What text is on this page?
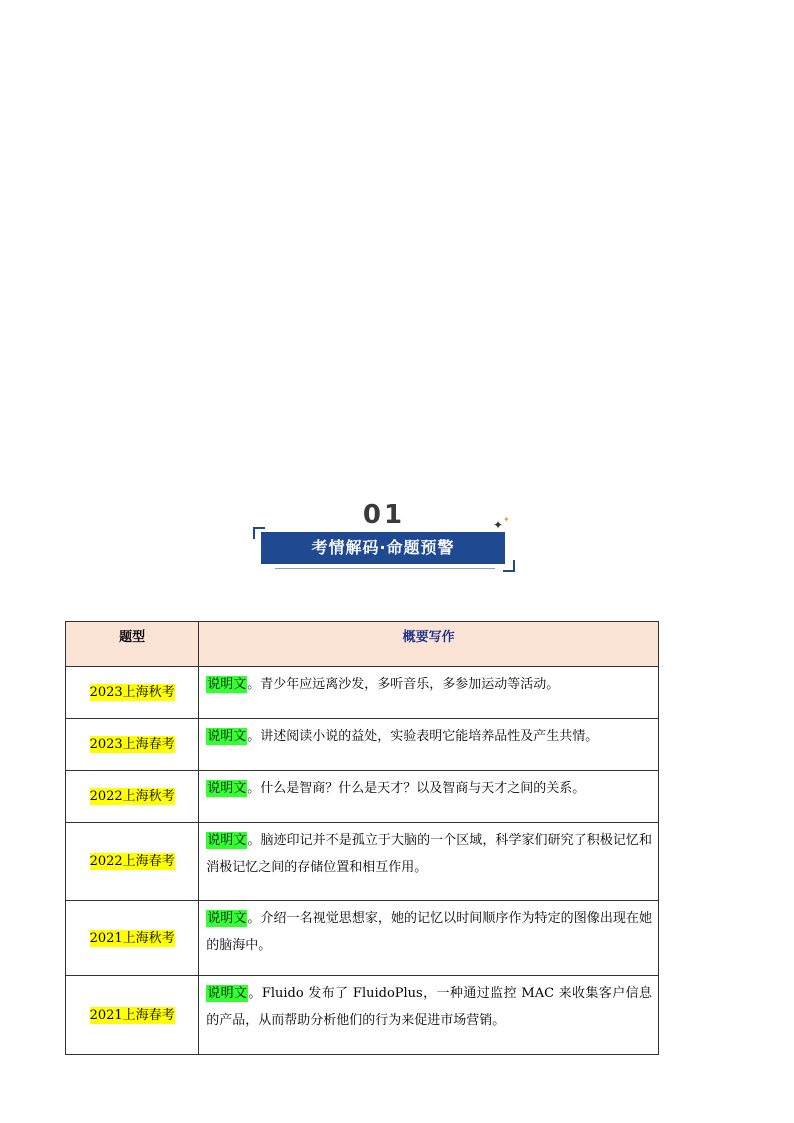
01	✦ ✦
考情解码·命题预警
题型	概要写作
2023上海秋考	说明文。青少年应远离沙发，多听音乐，多参加运动等活动。
2023上海春考	说明文。讲述阅读小说的益处，实验表明它能培养品性及产生共情。
2022上海秋考	说明文。什么是智商？什么是天才？以及智商与天才之间的关系。
2022上海春考	说明文。脑迹印记并不是孤立于大脑的一个区域，科学家们研究了积极记忆和消极记忆之间的存储位置和相互作用。
2021上海秋考	说明文。介绍一名视觉思想家，她的记忆以时间顺序作为特定的图像出现在她的脑海中。
2021上海春考	说明文。Fluido 发布了 FluidoPlus，一种通过监控 MAC 来收集客户信息的产品，从而帮助分析他们的行为来促进市场营销。
